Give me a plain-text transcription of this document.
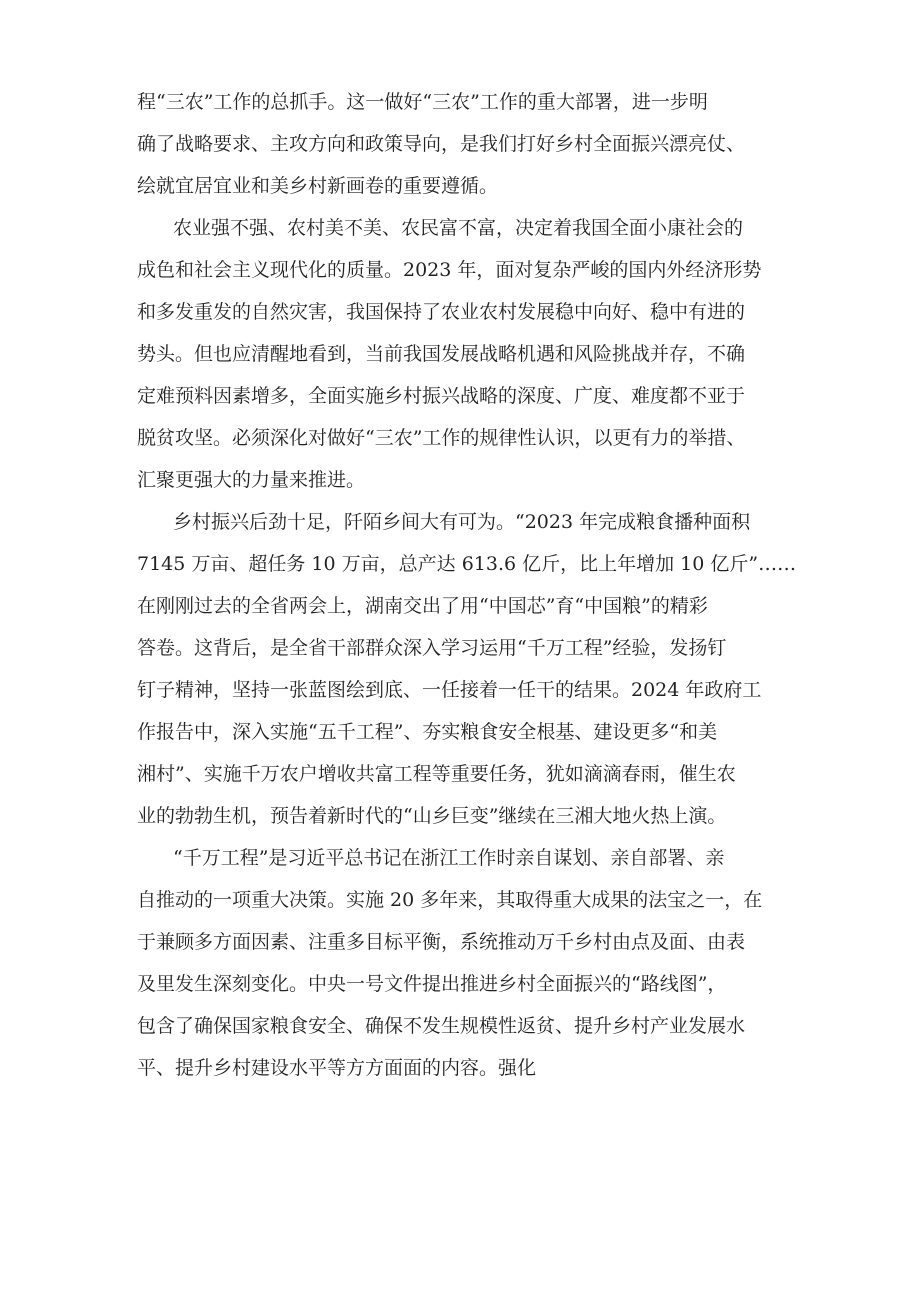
程“三农”工作的总抓手。这一做好“三农”工作的重大部署，进一步明
确了战略要求、主攻方向和政策导向，是我们打好乡村全面振兴漂亮仗、
绘就宜居宜业和美乡村新画卷的重要遵循。
农业强不强、农村美不美、农民富不富，决定着我国全面小康社会的
成色和社会主义现代化的质量。2023 年，面对复杂严峻的国内外经济形势
和多发重发的自然灾害，我国保持了农业农村发展稳中向好、稳中有进的
势头。但也应清醒地看到，当前我国发展战略机遇和风险挑战并存，不确
定难预料因素增多，全面实施乡村振兴战略的深度、广度、难度都不亚于
脱贫攻坚。必须深化对做好“三农”工作的规律性认识，以更有力的举措、
汇聚更强大的力量来推进。
乡村振兴后劲十足，阡陌乡间大有可为。“2023 年完成粮食播种面积
7145 万亩、超任务 10 万亩，总产达 613.6 亿斤，比上年增加 10 亿斤”……
在刚刚过去的全省两会上，湖南交出了用“中国芯”育“中国粮”的精彩
答卷。这背后，是全省干部群众深入学习运用“千万工程”经验，发扬钉
钉子精神，坚持一张蓝图绘到底、一任接着一任干的结果。2024 年政府工
作报告中，深入实施“五千工程”、夯实粮食安全根基、建设更多“和美
湘村”、实施千万农户增收共富工程等重要任务，犹如滴滴春雨，催生农
业的勃勃生机，预告着新时代的“山乡巨变”继续在三湘大地火热上演。
“千万工程”是习近平总书记在浙江工作时亲自谋划、亲自部署、亲
自推动的一项重大决策。实施 20 多年来，其取得重大成果的法宝之一，在
于兼顾多方面因素、注重多目标平衡，系统推动万千乡村由点及面、由表
及里发生深刻变化。中央一号文件提出推进乡村全面振兴的“路线图”，
包含了确保国家粮食安全、确保不发生规模性返贫、提升乡村产业发展水
平、提升乡村建设水平等方方面面的内容。强化
